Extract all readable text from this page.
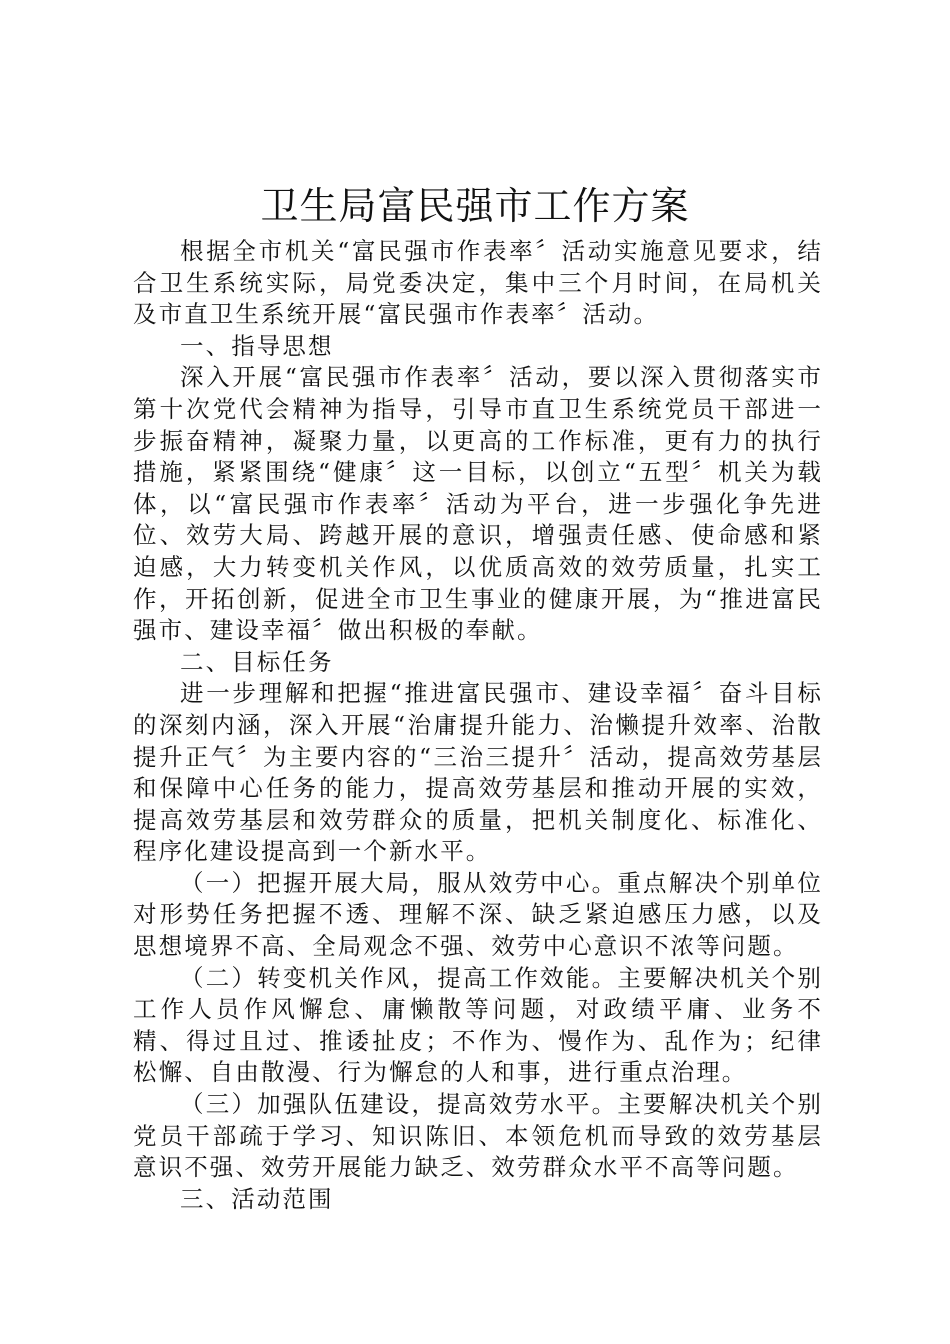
卫生局富民强市工作方案

根据全市机关“富民强市作表率〞活动实施意见要求，结合卫生系统实际，局党委决定，集中三个月时间，在局机关及市直卫生系统开展“富民强市作表率〞活动。

一、指导思想

深入开展“富民强市作表率〞活动，要以深入贯彻落实市第十次党代会精神为指导，引导市直卫生系统党员干部进一步振奋精神，凝聚力量，以更高的工作标准，更有力的执行措施，紧紧围绕“健康〞这一目标，以创立“五型〞机关为载体，以“富民强市作表率〞活动为平台，进一步强化争先进位、效劳大局、跨越开展的意识，增强责任感、使命感和紧迫感，大力转变机关作风，以优质高效的效劳质量，扎实工作，开拓创新，促进全市卫生事业的健康开展，为“推进富民强市、建设幸福〞做出积极的奉献。

二、目标任务

进一步理解和把握“推进富民强市、建设幸福〞奋斗目标的深刻内涵，深入开展“治庸提升能力、治懒提升效率、治散提升正气〞为主要内容的“三治三提升〞活动，提高效劳基层和保障中心任务的能力，提高效劳基层和推动开展的实效，提高效劳基层和效劳群众的质量，把机关制度化、标准化、程序化建设提高到一个新水平。

（一）把握开展大局，服从效劳中心。重点解决个别单位对形势任务把握不透、理解不深、缺乏紧迫感压力感，以及思想境界不高、全局观念不强、效劳中心意识不浓等问题。

（二）转变机关作风，提高工作效能。主要解决机关个别工作人员作风懈怠、庸懒散等问题，对政绩平庸、业务不精、得过且过、推诿扯皮；不作为、慢作为、乱作为；纪律松懈、自由散漫、行为懈怠的人和事，进行重点治理。

（三）加强队伍建设，提高效劳水平。主要解决机关个别党员干部疏于学习、知识陈旧、本领危机而导致的效劳基层意识不强、效劳开展能力缺乏、效劳群众水平不高等问题。

三、活动范围
